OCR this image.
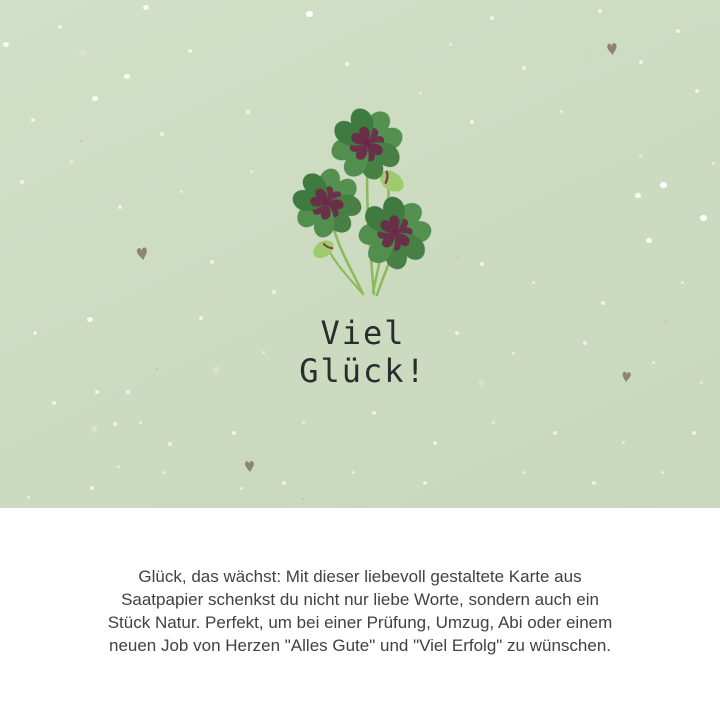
Viel
Glück!
♥
♥
♥
♥
✳
✳
✳
✳
Glück, das wächst: Mit dieser liebevoll gestaltete Karte aus
Saatpapier schenkst du nicht nur liebe Worte, sondern auch ein
Stück Natur. Perfekt, um bei einer Prüfung, Umzug, Abi oder einem
neuen Job von Herzen "Alles Gute" und "Viel Erfolg" zu wünschen.
